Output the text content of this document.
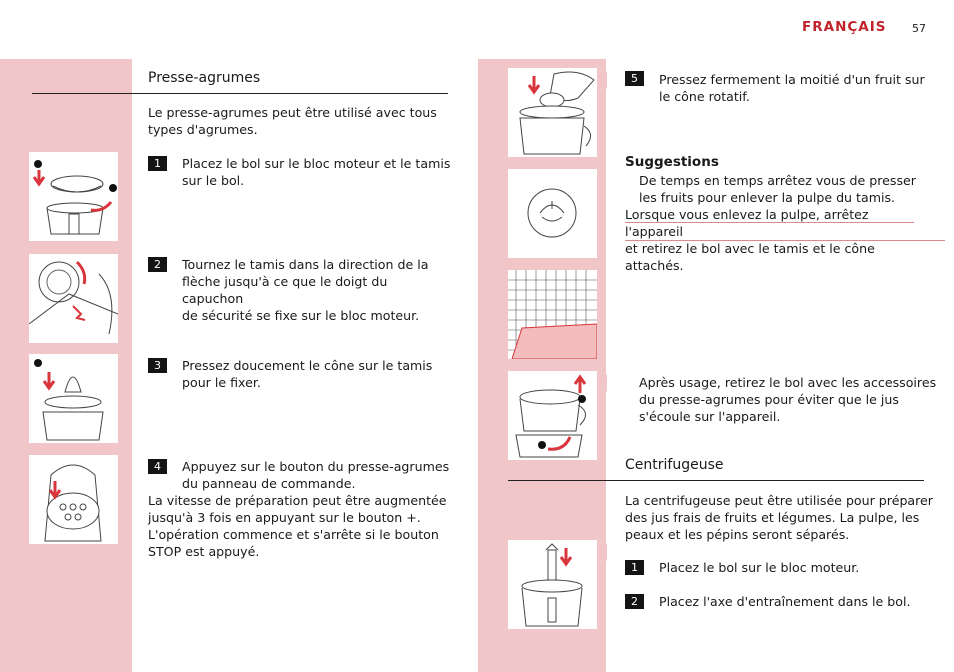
FRANÇAIS 57
Presse-agrumes
Le presse-agrumes peut être utilisé avec tous
types d'agrumes.
1	Placez le bol sur le bloc moteur et le tamis
sur le bol.
2	Tournez le tamis dans la direction de la
flèche jusqu'à ce que le doigt du capuchon
de sécurité se fixe sur le bloc moteur.
3	Pressez doucement le cône sur le tamis
pour le fixer.
4	Appuyez sur le bouton du presse-agrumes
du panneau de commande.
La vitesse de préparation peut être augmentée
jusqu'à 3 fois en appuyant sur le bouton +.
L'opération commence et s'arrête si le bouton
STOP est appuyé.
5	Pressez fermement la moitié d'un fruit sur
le cône rotatif.
Suggestions
De temps en temps arrêtez vous de presser
les fruits pour enlever la pulpe du tamis.
Lorsque vous enlevez la pulpe, arrêtez l'appareil
et retirez le bol avec le tamis et le cône attachés.
Après usage, retirez le bol avec les accessoires
du presse-agrumes pour éviter que le jus
s'écoule sur l'appareil.
Centrifugeuse
La centrifugeuse peut être utilisée pour préparer
des jus frais de fruits et légumes. La pulpe, les
peaux et les pépins seront séparés.
1	Placez le bol sur le bloc moteur.
2	Placez l'axe d'entraînement dans le bol.
